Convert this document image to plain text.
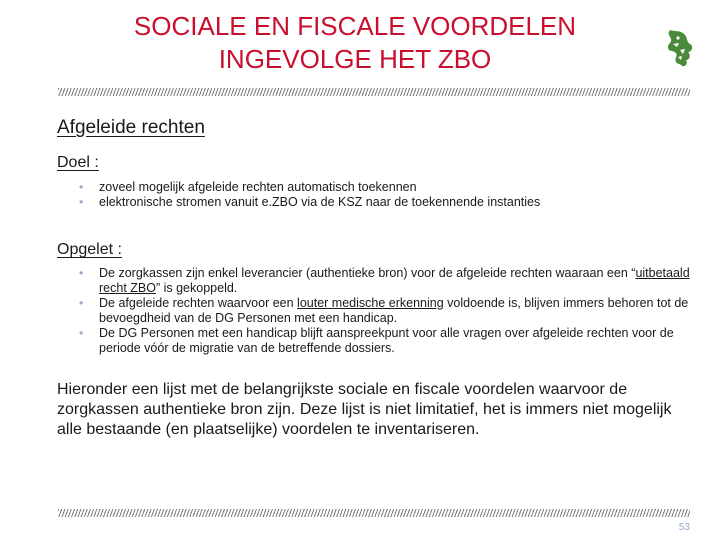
SOCIALE EN FISCALE VOORDELEN
INGEVOLGE HET ZBO
Afgeleide rechten
Doel :
• zoveel mogelijk afgeleide rechten automatisch toekennen
• elektronische stromen vanuit e.ZBO via de KSZ naar de toekennende instanties
Opgelet :
• De zorgkassen zijn enkel leverancier (authentieke bron) voor de afgeleide rechten waaraan een “uitbetaald recht ZBO” is gekoppeld.
• De afgeleide rechten waarvoor een louter medische erkenning voldoende is, blijven immers behoren tot de bevoegdheid van de DG Personen met een handicap.
• De DG Personen met een handicap blijft aanspreekpunt voor alle vragen over afgeleide rechten voor de periode vóór de migratie van de betreffende dossiers.
Hieronder een lijst met de belangrijkste sociale en fiscale voordelen waarvoor de zorgkassen authentieke bron zijn. Deze lijst is niet limitatief, het is immers niet mogelijk alle bestaande (en plaatselijke) voordelen te inventariseren.
53
